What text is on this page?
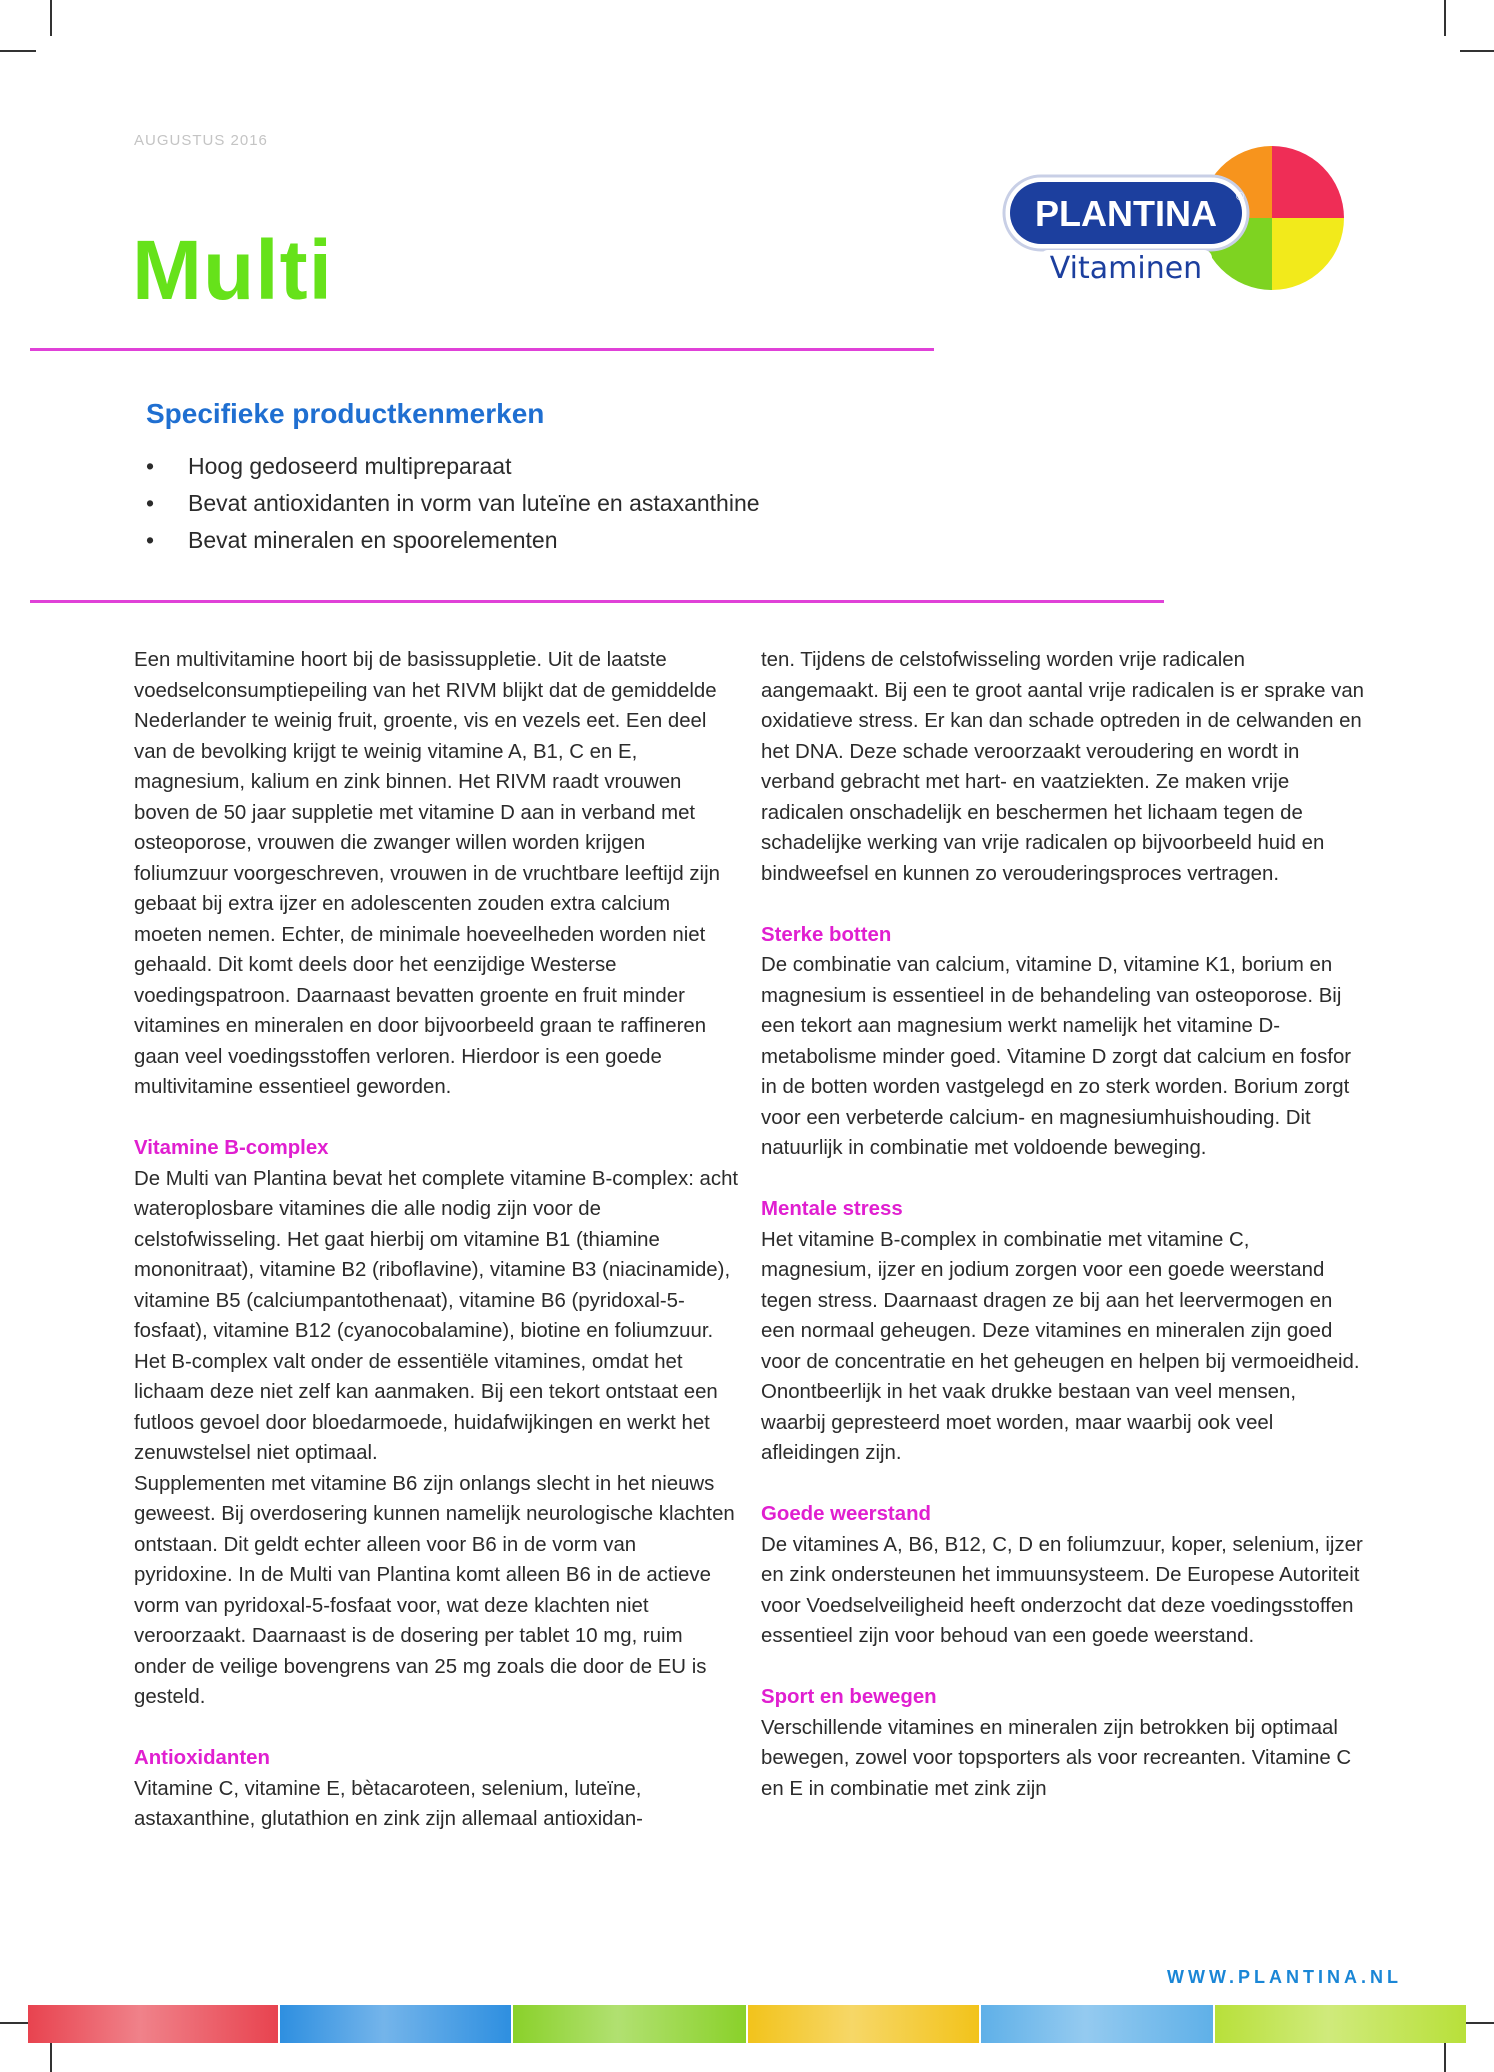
AUGUSTUS 2016
Multi
PLANTINA ®
Vitaminen
Specifieke productkenmerken
•	Hoog gedoseerd multipreparaat
•	Bevat antioxidanten in vorm van luteïne en astaxanthine
•	Bevat mineralen en spoorelementen

Een multivitamine hoort bij de basissuppletie. Uit de laatste voedselconsumptiepeiling van het RIVM blijkt dat de gemiddelde Nederlander te weinig fruit, groente, vis en vezels eet. Een deel van de bevolking krijgt te weinig vitamine A, B1, C en E, magnesium, kalium en zink binnen. Het RIVM raadt vrouwen boven de 50 jaar suppletie met vitamine D aan in verband met osteoporose, vrouwen die zwanger willen worden krijgen foliumzuur voorgeschreven, vrouwen in de vruchtbare leeftijd zijn gebaat bij extra ijzer en adolescenten zouden extra calcium moeten nemen. Echter, de minimale hoeveelheden worden niet gehaald. Dit komt deels door het eenzijdige Westerse voedingspatroon. Daarnaast bevatten groente en fruit minder vitamines en mineralen en door bijvoorbeeld graan te raffineren gaan veel voedingsstoffen verloren. Hierdoor is een goede multivitamine essentieel geworden.

Vitamine B-complex

De Multi van Plantina bevat het complete vitamine B-complex: acht wateroplosbare vitamines die alle nodig zijn voor de celstofwisseling. Het gaat hierbij om vitamine B1 (thiamine mononitraat), vitamine B2 (riboflavine), vitamine B3 (niacinamide), vitamine B5 (calciumpantothenaat), vitamine B6 (pyridoxal-5-fosfaat), vitamine B12 (cyanocobalamine), biotine en foliumzuur. Het B-complex valt onder de essentiële vitamines, omdat het lichaam deze niet zelf kan aanmaken. Bij een tekort ontstaat een futloos gevoel door bloedarmoede, huidafwijkingen en werkt het zenuwstelsel niet optimaal.

Supplementen met vitamine B6 zijn onlangs slecht in het nieuws geweest. Bij overdosering kunnen namelijk neurologische klachten ontstaan. Dit geldt echter alleen voor B6 in de vorm van pyridoxine. In de Multi van Plantina komt alleen B6 in de actieve vorm van pyridoxal-5-fosfaat voor, wat deze klachten niet veroorzaakt. Daarnaast is de dosering per tablet 10 mg, ruim onder de veilige bovengrens van 25 mg zoals die door de EU is gesteld.

Antioxidanten

Vitamine C, vitamine E, bètacaroteen, selenium, luteïne, astaxanthine, glutathion en zink zijn allemaal antioxidan-

ten. Tijdens de celstofwisseling worden vrije radicalen aangemaakt. Bij een te groot aantal vrije radicalen is er sprake van oxidatieve stress. Er kan dan schade optreden in de celwanden en het DNA. Deze schade veroorzaakt veroudering en wordt in verband gebracht met hart- en vaatziekten. Ze maken vrije radicalen onschadelijk en beschermen het lichaam tegen de schadelijke werking van vrije radicalen op bijvoorbeeld huid en bindweefsel en kunnen zo verouderingsproces vertragen.

Sterke botten

De combinatie van calcium, vitamine D, vitamine K1, borium en magnesium is essentieel in de behandeling van osteoporose. Bij een tekort aan magnesium werkt namelijk het vitamine D-metabolisme minder goed. Vitamine D zorgt dat calcium en fosfor in de botten worden vastgelegd en zo sterk worden. Borium zorgt voor een verbeterde calcium- en magnesiumhuishouding. Dit natuurlijk in combinatie met voldoende beweging.

Mentale stress

Het vitamine B-complex in combinatie met vitamine C, magnesium, ijzer en jodium zorgen voor een goede weerstand tegen stress. Daarnaast dragen ze bij aan het leervermogen en een normaal geheugen. Deze vitamines en mineralen zijn goed voor de concentratie en het geheugen en helpen bij vermoeidheid. Onontbeerlijk in het vaak drukke bestaan van veel mensen, waarbij gepresteerd moet worden, maar waarbij ook veel afleidingen zijn.

Goede weerstand

De vitamines A, B6, B12, C, D en foliumzuur, koper, selenium, ijzer en zink ondersteunen het immuunsysteem. De Europese Autoriteit voor Voedselveiligheid heeft onderzocht dat deze voedingsstoffen essentieel zijn voor behoud van een goede weerstand.

Sport en bewegen

Verschillende vitamines en mineralen zijn betrokken bij optimaal bewegen, zowel voor topsporters als voor recreanten. Vitamine C en E in combinatie met zink zijn

WWW.PLANTINA.NL
